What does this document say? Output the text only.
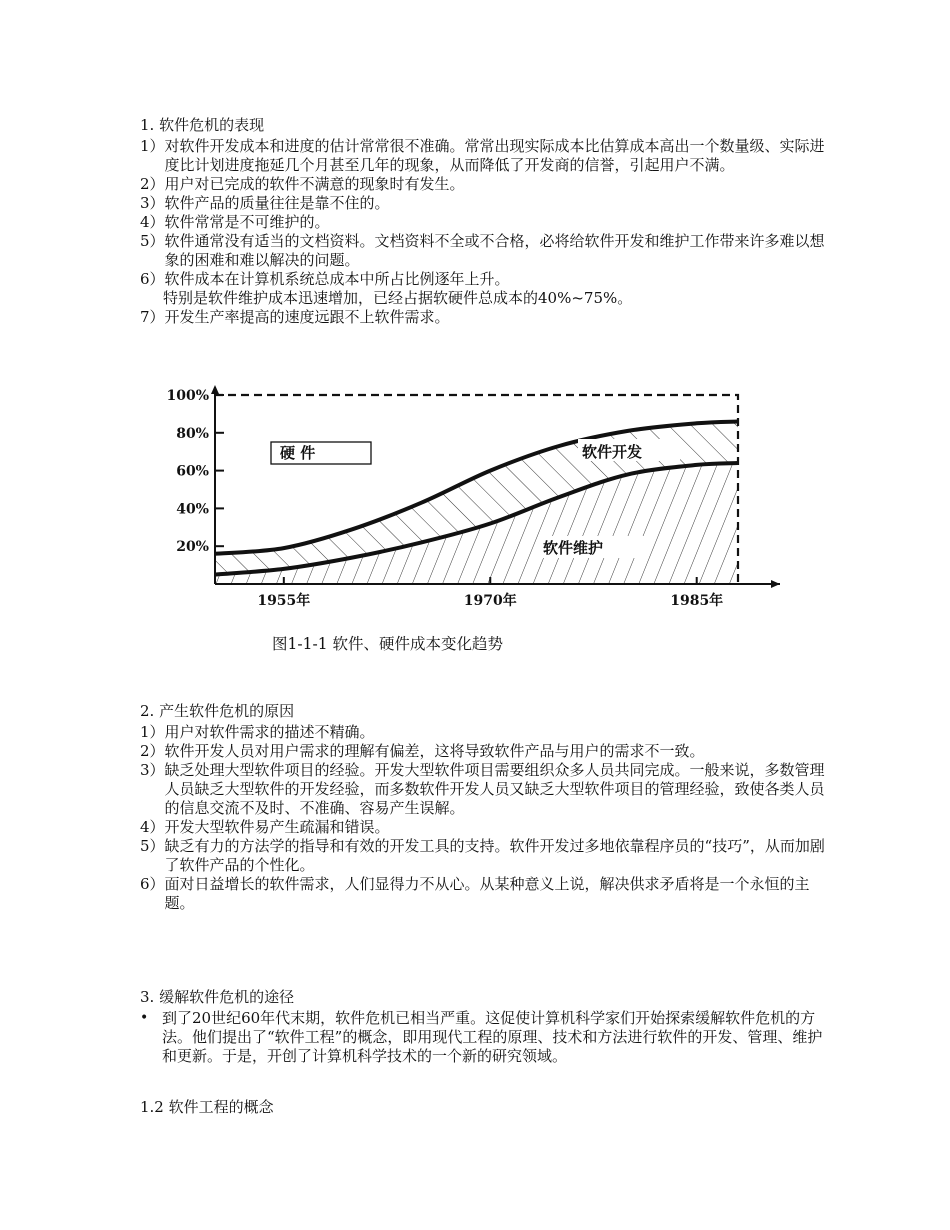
1. 软件危机的表现
1） 对软件开发成本和进度的估计常常很不准确。常常出现实际成本比估算成本高出一个数量级、实际进度比计划进度拖延几个月甚至几年的现象，从而降低了开发商的信誉，引起用户不满。
2） 用户对已完成的软件不满意的现象时有发生。
3） 软件产品的质量往往是靠不住的。
4） 软件常常是不可维护的。
5） 软件通常没有适当的文档资料。文档资料不全或不合格，必将给软件开发和维护工作带来许多难以想象的困难和难以解决的问题。
6） 软件成本在计算机系统总成本中所占比例逐年上升。
特别是软件维护成本迅速增加，已经占据软硬件总成本的40%~75%。
7） 开发生产率提高的速度远跟不上软件需求。
100%
80%
60%
40%
20%
1955年	1970年	1985年
硬 件	软件开发
软件维护
图1-1-1 软件、硬件成本变化趋势
2. 产生软件危机的原因
1） 用户对软件需求的描述不精确。
2） 软件开发人员对用户需求的理解有偏差，这将导致软件产品与用户的需求不一致。
3） 缺乏处理大型软件项目的经验。开发大型软件项目需要组织众多人员共同完成。一般来说，多数管理人员缺乏大型软件的开发经验，而多数软件开发人员又缺乏大型软件项目的管理经验，致使各类人员的信息交流不及时、不准确、容易产生误解。
4） 开发大型软件易产生疏漏和错误。
5） 缺乏有力的方法学的指导和有效的开发工具的支持。软件开发过多地依靠程序员的“技巧”，从而加剧了软件产品的个性化。
6） 面对日益增长的软件需求，人们显得力不从心。从某种意义上说，解决供求矛盾将是一个永恒的主题。
3. 缓解软件危机的途径
• 到了20世纪60年代末期，软件危机已相当严重。这促使计算机科学家们开始探索缓解软件危机的方法。他们提出了“软件工程”的概念，即用现代工程的原理、技术和方法进行软件的开发、管理、维护和更新。于是，开创了计算机科学技术的一个新的研究领域。
1.2 软件工程的概念
